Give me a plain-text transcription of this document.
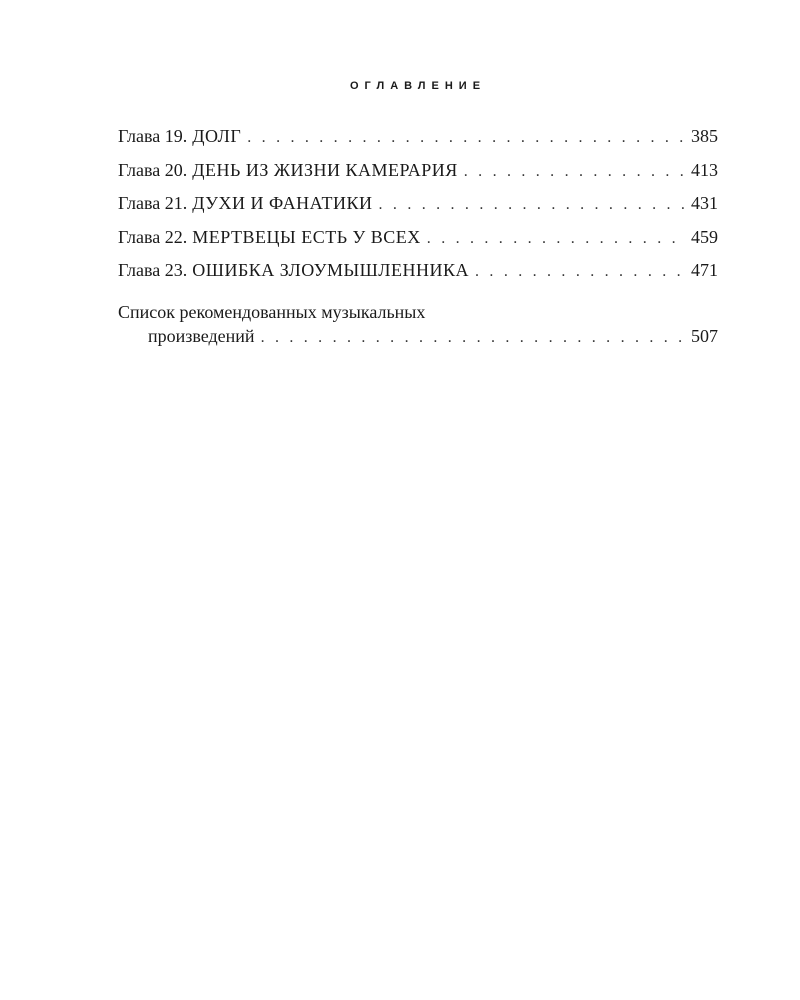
ОГЛАВЛЕНИЕ
Глава 19. ДОЛГ . . .	385
Глава 20. ДЕНЬ ИЗ ЖИЗНИ КАМЕРАРИЯ . . .	413
Глава 21. ДУХИ И ФАНАТИКИ . . .	431
Глава 22. МЕРТВЕЦЫ ЕСТЬ У ВСЕХ . . .	459
Глава 23. ОШИБКА ЗЛОУМЫШЛЕННИКА . . .	471
Список рекомендованных музыкальных
произведений . . .	507
